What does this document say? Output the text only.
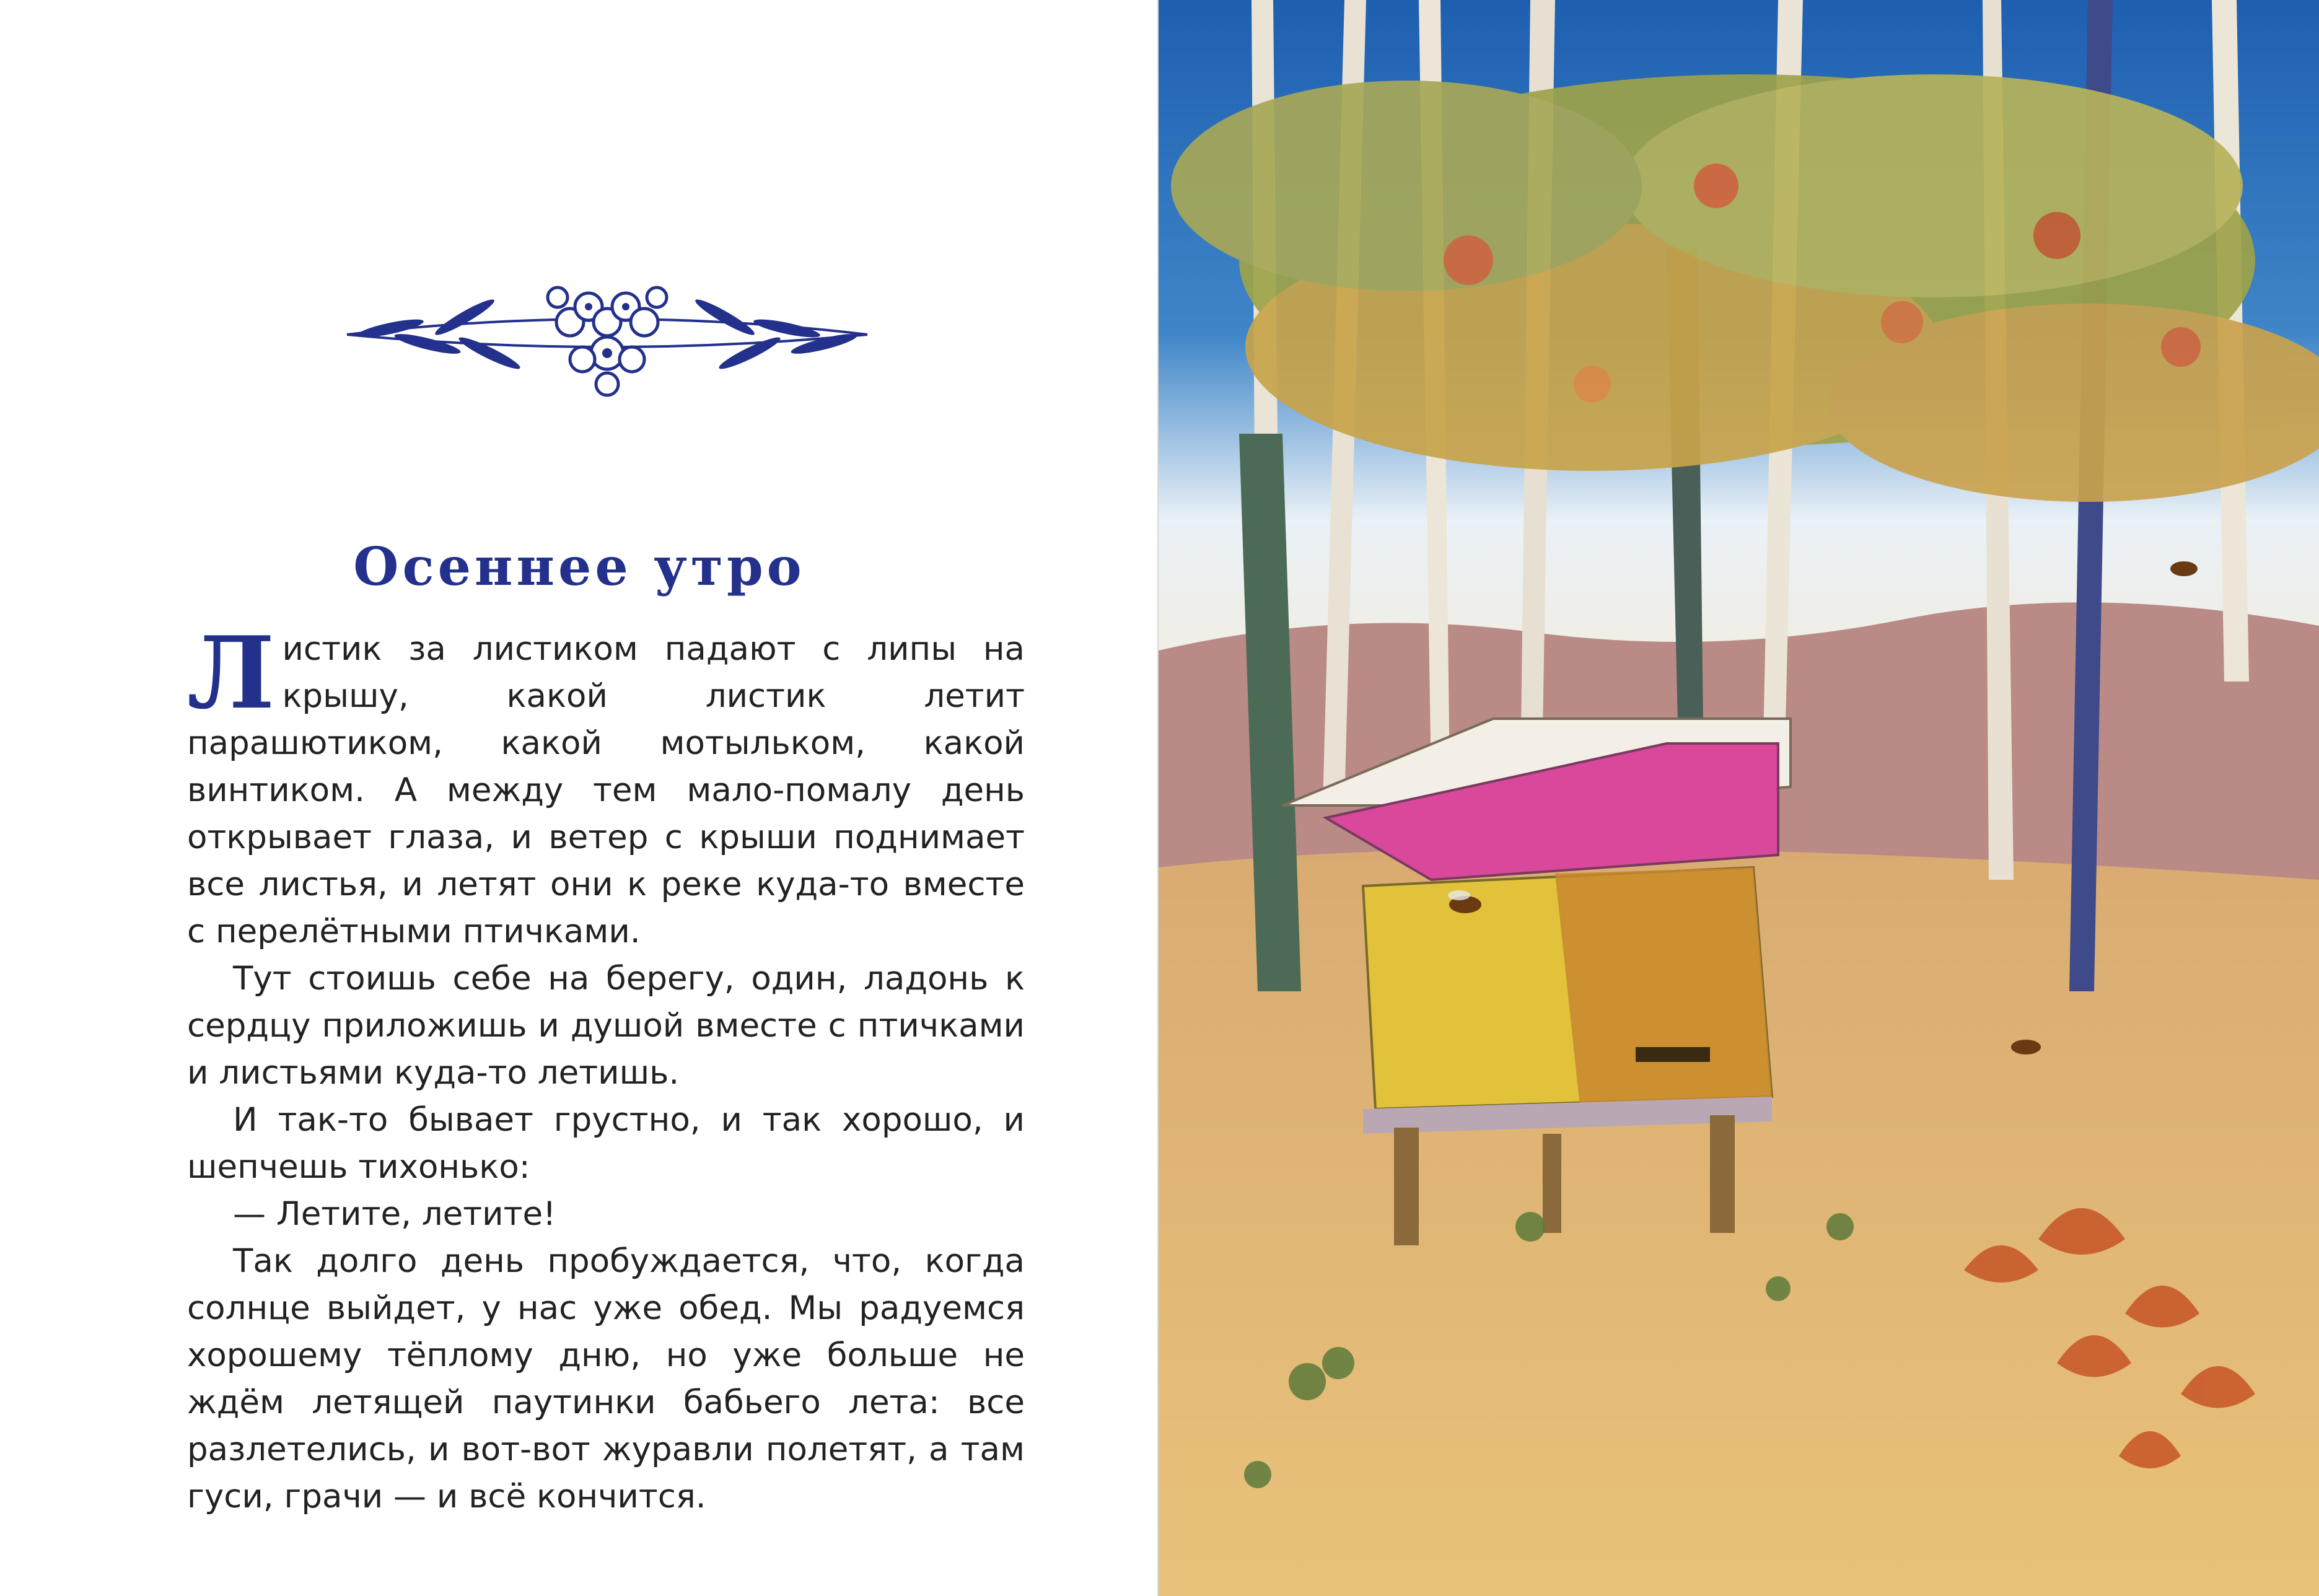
Осеннее утро

Листик за листиком падают с липы на крышу, какой листик летит парашютиком, какой мотыльком, какой винтиком. А между тем мало-помалу день открывает глаза, и ветер с крыши поднимает все листья, и летят они к реке куда-то вместе с перелётными птичками.

Тут стоишь себе на берегу, один, ладонь к сердцу приложишь и душой вместе с птичками и листьями куда-то летишь.

И так-то бывает грустно, и так хорошо, и шепчешь тихонько:

— Летите, летите!

Так долго день пробуждается, что, когда солнце выйдет, у нас уже обед. Мы радуемся хорошему тёплому дню, но уже больше не ждём летящей паутинки бабьего лета: все разлетелись, и вот-вот журавли полетят, а там гуси, грачи — и всё кончится.
